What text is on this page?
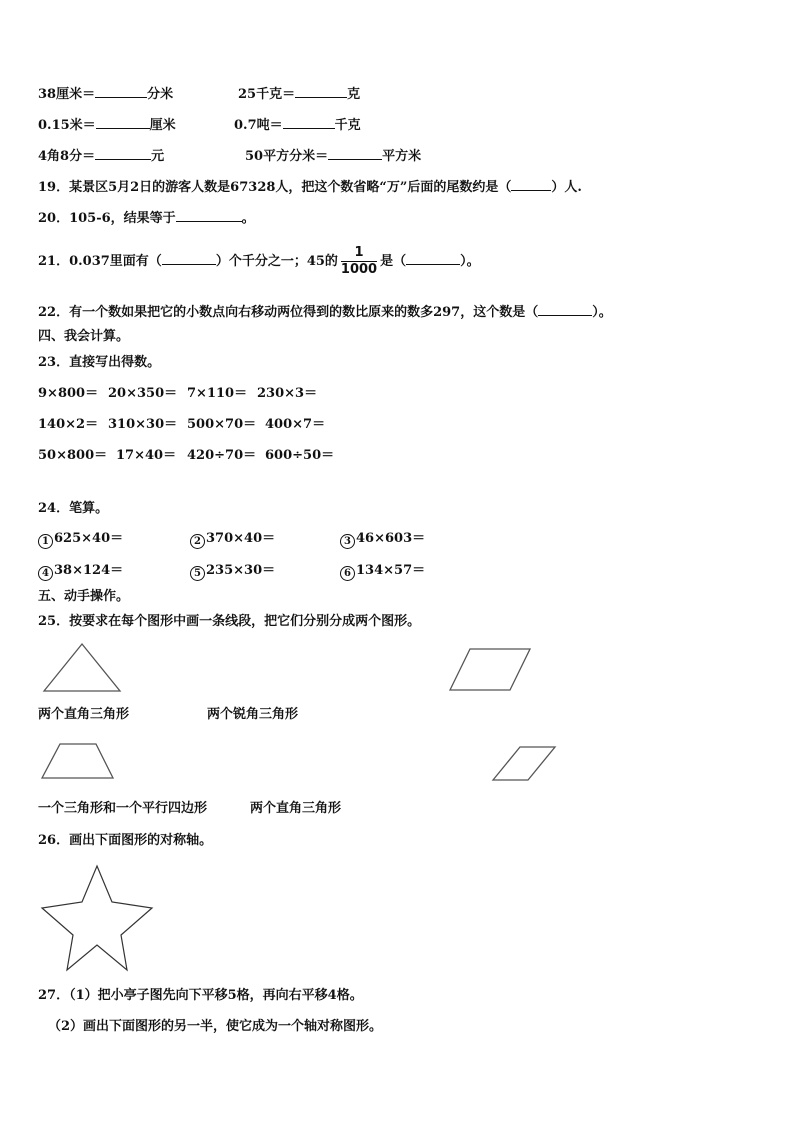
38厘米＝	分米	25千克＝	克
0.15米＝	厘米	0.7吨＝	千克
4角8分＝	元	50平方分米＝	平方米
19．某景区5月2日的游客人数是67328人，把这个数省略“万”后面的尾数约是（	）人.
20．105-6，结果等于	。
21．0.037里面有（	）个千分之一；45的 $\frac{1}{1000}$ 是（	）。
22．有一个数如果把它的小数点向右移动两位得到的数比原来的数多297，这个数是（	）。
四、我会计算。
23．直接写出得数。
9×800＝ 20×350＝ 7×110＝ 230×3＝
140×2＝ 310×30＝ 500×70＝ 400×7＝
50×800＝ 17×40＝ 420÷70＝ 600÷50＝
24．笔算。
1 625×40＝	2 370×40＝	3 46×603＝
4 38×124＝	5 235×30＝	6 134×57＝
五、动手操作。
25．按要求在每个图形中画一条线段，把它们分别分成两个图形。
两个直角三角形	两个锐角三角形
一个三角形和一个平行四边形	两个直角三角形
26．画出下面图形的对称轴。
27．（1）把小亭子图先向下平移5格，再向右平移4格。
（2）画出下面图形的另一半，使它成为一个轴对称图形。
